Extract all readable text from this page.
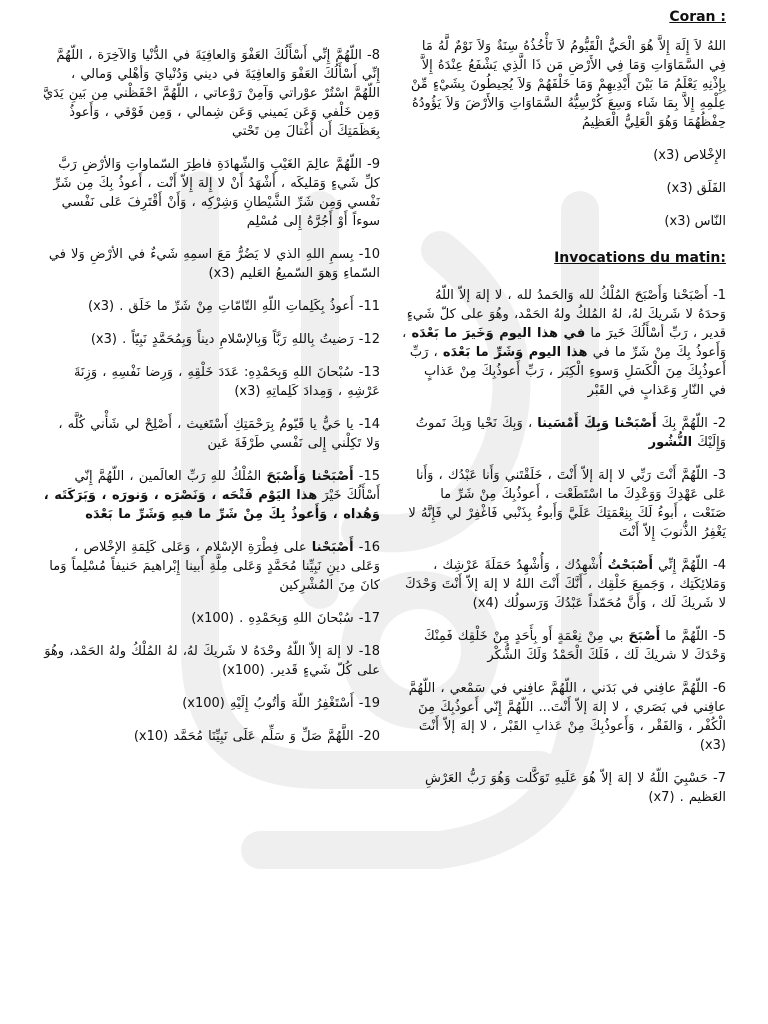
Coran :
اللهُ لاَ إِلَهَ إِلاَّ هُوَ الْحَيُّ الْقَيُّومُ لاَ تَأْخُذُهُ سِنَةٌ وَلاَ نَوْمٌ لَّهُ مَا فِي السَّمَاوَاتِ وَمَا فِي الأَرْضِ مَن ذَا الَّذِي يَشْفَعُ عِنْدَهُ إِلاَّ بِإِذْنِهِ يَعْلَمُ مَا بَيْنَ أَيْدِيهِمْ وَمَا خَلْفَهُمْ وَلاَ يُحِيطُونَ بِشَيْءٍ مِّنْ عِلْمِهِ إِلاَّ بِمَا شَاء وَسِعَ كُرْسِيُّهُ السَّمَاوَاتِ وَالأَرْضَ وَلاَ يَؤُودُهُ حِفْظُهُمَا وَهُوَ الْعَلِيُّ الْعَظِيمُ
الإِخْلاص (x3)
الفَلَق (x3)
النّاس (x3)
Invocations du matin:
1- أَصْبَحْنا وَأَصْبَحَ المُلْكُ لله وَالحَمدُ لله ، لا إلهَ إلاّ اللّهُ وَحدَهُ لا شَريكَ لهُ، لهُ المُلكُ ولهُ الحَمْد، وهُوَ على كلّ شَيءٍ قدير ، رَبِّ أسْأَلُكَ خَيرَ ما في هذا اليوم وَخَيرَ ما بَعْدَه ، وَأَعوذُ بِكَ مِنْ شَرِّ ما في هذا اليوم وَشَرِّ ما بَعْدَه ، رَبِّ أَعوذُبِكَ مِنَ الْكَسَلِ وَسوءِ الْكِبَر ، رَبِّ أَعوذُبِكَ مِنْ عَذابٍ في النّارِ وَعَذابٍ في القَبْر
2- اللّهُمَّ بِكَ أَصْبَحْنا وَبِكَ أَمْسَينا ، وَبِكَ نَحْيا وَبِكَ نَموتُ وَإِلَيْكَ النُّشُور
3- اللّهُمَّ أَنْتَ رَبِّي لا إلهَ إلاّ أَنْتَ ، خَلَقْتَني وَأَنا عَبْدُك ، وَأَنا عَلى عَهْدِكَ وَوَعْدِكَ ما اسْتَطَعْت ، أَعوذُبِكَ مِنْ شَرِّ ما صَنَعْت ، أَبوءُ لَكَ بِنِعْمَتِكَ عَلَيَّ وَأَبوءُ بِذَنْبي فَاغْفِرْ لي فَإِنَّهُ لا يَغْفِرُ الذُّنوبَ إِلاّ أَنْتَ
4- اللّهُمَّ إِنِّي أَصْبَحْتُ أُشْهِدُك ، وَأُشْهِدُ حَمَلَةَ عَرْشِك ، وَمَلائِكَتِك ، وَجَميعَ خَلْقِك ، أَنَّكَ أَنْتَ اللهُ لا إلهَ إلاّ أَنْتَ وَحْدَكَ لا شَريكَ لَك ، وَأَنَّ مُحَمّداً عَبْدُكَ وَرَسولُك (x4)
5- اللّهُمَّ ما أَصْبَحَ بي مِنْ نِعْمَةٍ أَو بِأَحَدٍ مِنْ خَلْقِك فَمِنْكَ وَحْدَكَ لا شريكَ لَك ، فَلَكَ الْحَمْدُ وَلَكَ الشُّكْر
6- اللّهُمَّ عافِني في بَدَني ، اللّهُمَّ عافِني في سَمْعي ، اللّهُمَّ عافِني في بَصَري ، لا إلهَ إلاّ أَنْتَ... اللّهُمَّ إِنّي أَعوذُبِكَ مِنَ الْكُفْر ، وَالفَقْر ، وَأَعوذُبِكَ مِنْ عَذابِ القَبْر ، لا إلهَ إلاّ أَنْتَ (x3)
7- حَسْبِيَ اللّهُ لا إلهَ إلاّ هُوَ عَلَيهِ تَوَكَّلت وَهُوَ رَبُّ العَرْشِ العَظيم . (x7)
8- اللّهُمَّ إِنِّي أَسْأَلُكَ العَفْوَ وَالعافِيَةَ في الدُّنْيا وَالآخِرَة ، اللّهُمَّ إِنِّي أَسْأَلُكَ العَفْوَ وَالعافِيَةَ في ديني وَدُنْيايَ وَأهْلي وَمالي ، اللّهُمَّ اسْتُرْ عوْراتي وَآمِنْ رَوْعاتي ، اللّهُمَّ احْفَظْني مِن بَينِ يَدَيَّ وَمِن خَلْفي وَعَن يَميني وَعَن شِمالي ، وَمِن فَوْقي ، وَأَعوذُ بِعَظَمَتِكَ أَن أُغْتالَ مِن تَحْتي
9- اللّهُمَّ عالِمَ الغَيْبِ وَالشّهادَةِ فاطِرَ السّماواتِ وَالأرْضِ رَبَّ كلِّ شَيءٍ وَمَليكَه ، أَشْهَدُ أَنْ لا إِلهَ إِلاّ أَنْت ، أَعوذُ بِكَ مِن شَرِّ نَفْسي وَمِن شَرِّ الشَّيْطانِ وَشِرْكِه ، وَأَنْ أَقْتَرِفَ عَلى نَفْسي سوءاً أَوْ أَجُرَّهُ إِلى مُسْلِم
10- بِسمِ اللهِ الذي لا يَضُرُّ مَعَ اسمِهِ شَيءٌ في الأرْضِ وَلا في السّماءِ وَهوَ السّميعُ العَليم (x3)
11- أَعوذُ بِكَلِماتِ اللّهِ التّامّاتِ مِنْ شَرِّ ما خَلَق . (x3)
12- رَضيتُ بِاللهِ رَبَّاً وَبِالإسْلامِ ديناً وَبِمُحَمَّدٍ نَبِيّاً . (x3)
13- سُبْحانَ اللهِ وَبِحَمْدِهِ: عَدَدَ خَلْقِهِ ، وَرِضا نَفْسِهِ ، وَزِنَةَ عَرْشِهِ ، وَمِدادَ كَلِماتِهِ (x3)
14- يا حَيُّ يا قَيّومُ بِرَحْمَتِكِ أَسْتَغيث ، أَصْلِحْ لي شَأْني كُلَّه ، وَلا تَكِلْني إِلى نَفْسي طَرْفَةَ عَين
15- أَصْبَحْنا وَأَصْبَحَ المُلْكُ للهِ رَبِّ العالَمين ، اللّهُمَّ إِنّي أَسْأَلُكَ خَيْرَ هذا اليَوْم فَتْحَه ، وَنَصْرَه ، وَنورَه ، وَبَرَكَتَه ، وَهُداه ، وَأَعوذُ بِكَ مِنْ شَرِّ ما فيهِ وَشَرِّ ما بَعْدَه
16- أَصْبَحْنا على فِطْرَةِ الإسْلام ، وَعَلى كَلِمَةِ الإخْلاص ، وَعَلى دينِ نَبِيِّنا مُحَمَّدٍ وَعَلى مِلَّةِ أَبينا إِبْراهيمَ حَنيفاً مُسْلِماً وَما كانَ مِنَ المُشْرِكين
17- سُبْحانَ اللهِ وَبِحَمْدِهِ . (x100)
18- لا إلهَ إلاّ اللّهُ وحْدَهُ لا شَريكَ لهُ، لهُ المُلْكُ ولهُ الحَمْد، وهُوَ على كُلّ شَيءٍ قَدير. (x100)
19- أَسْتَغْفِرُ اللّهَ وَأتُوبُ إِلَيْهِ (x100)
20- اللَّهُمَّ صَلِّ وَ سَلِّم عَلَى نَبِيِّنَا مُحَمَّد (x10)
